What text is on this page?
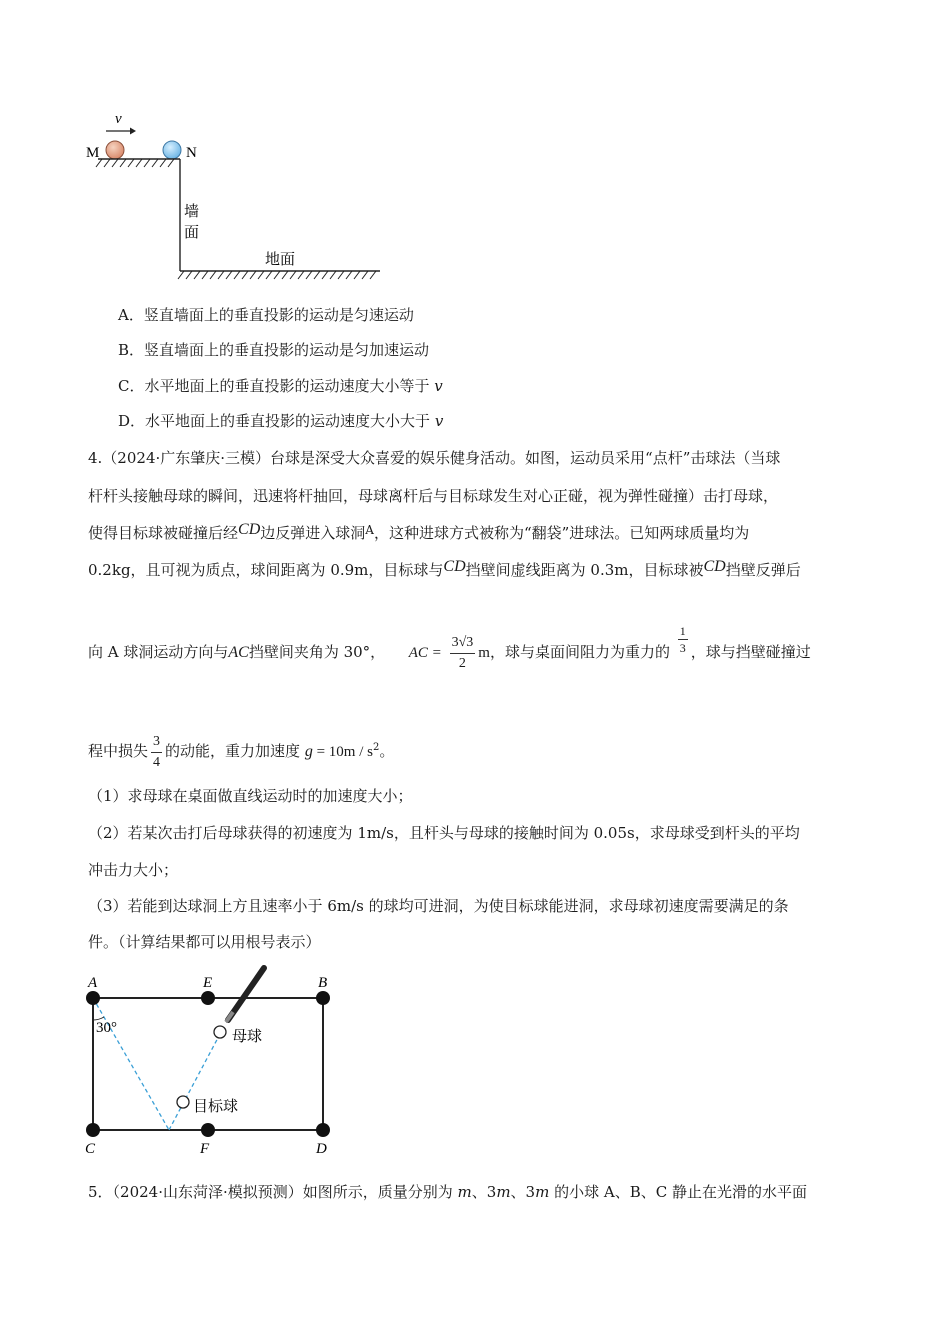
v
M	N
墙
面
地面
A．竖直墙面上的垂直投影的运动是匀速运动
B．竖直墙面上的垂直投影的运动是匀加速运动
C．水平地面上的垂直投影的运动速度大小等于 v
D．水平地面上的垂直投影的运动速度大小大于 v
4.（2024·广东肇庆·三模）台球是深受大众喜爱的娱乐健身活动。如图，运动员采用“点杆”击球法（当球
杆杆头接触母球的瞬间，迅速将杆抽回，母球离杆后与目标球发生对心正碰，视为弹性碰撞）击打母球，
使得目标球被碰撞后经CD边反弹进入球洞$^A$，这种进球方式被称为“翻袋”进球法。已知两球质量均为
0.2kg，且可视为质点，球间距离为 0.9m，目标球与CD挡壁间虚线距离为 0.3m，目标球被CD挡壁反弹后
向 A 球洞运动方向与AC挡壁间夹角为 30°， AC = $\frac{3√3}{2}$ m，球与桌面间阻力为重力的 $\frac{1}{3}$ ，球与挡壁碰撞过
程中损失 $\frac{3}{4}$ 的动能，重力加速度 $g = 10m / s^2$。
（1）求母球在桌面做直线运动时的加速度大小；
（2）若某次击打后母球获得的初速度为 1m/s，且杆头与母球的接触时间为 0.05s，求母球受到杆头的平均
冲击力大小；
（3）若能到达球洞上方且速率小于 6m/s 的球均可进洞，为使目标球能进洞，求母球初速度需要满足的条
件。（计算结果都可以用根号表示）
30°
A	E	B
C	F	D
母球
目标球
5．（2024·山东菏泽·模拟预测）如图所示，质量分别为 m、3m、3m 的小球 A、B、C 静止在光滑的水平面
